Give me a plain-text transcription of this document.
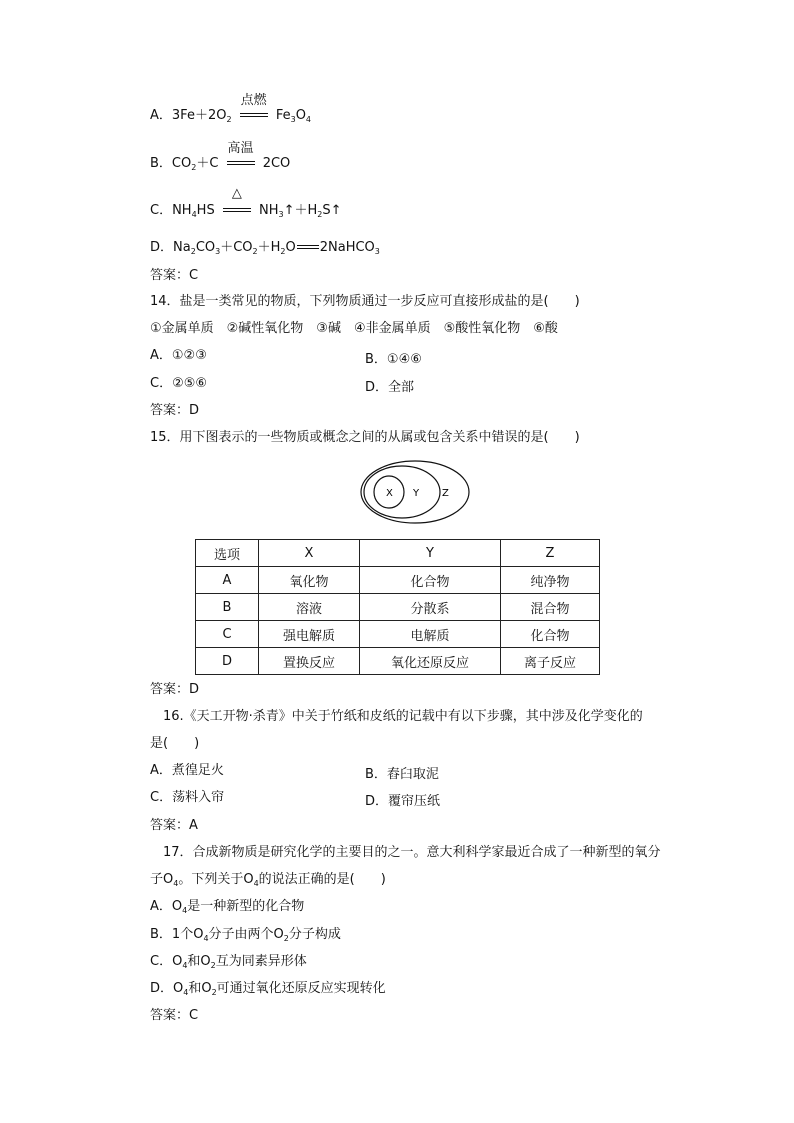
A．$3Fe+2O_2$
点燃
$Fe_3O_4$
B．$CO_2+C$
高温
2CO
C．$NH_4HS$
△
$NH_3↑+H_2S↑$
D．$Na_2CO_3+CO_2+H_2O$ 2NaHCO$_3$
答案：C
14．盐是一类常见的物质，下列物质通过一步反应可直接形成盐的是(　　)
①金属单质　②碱性氧化物　③碱　④非金属单质　⑤酸性氧化物　⑥酸
A．①②③	B．①④⑥
C．②⑤⑥	D．全部
答案：D
15．用下图表示的一些物质或概念之间的从属或包含关系中错误的是(　　)
X Y Z
选项	X	Y	Z
A	氧化物	化合物	纯净物
B	溶液	分散系	混合物
C	强电解质	电解质	化合物
D	置换反应	氧化还原反应	离子反应
答案：D
16.《天工开物·杀青》中关于竹纸和皮纸的记载中有以下步骤，其中涉及化学变化的
是(　　)
A．煮徨足火	B．舂臼取泥
C．荡料入帘	D．覆帘压纸
答案：A
17．合成新物质是研究化学的主要目的之一。意大利科学家最近合成了一种新型的氧分
子$O_4$。下列关于$O_4$的说法正确的是(　　)
A．$O_4$是一种新型的化合物
B．1个$O_4$分子由两个$O_2$分子构成
C．$O_4$和$O_2$互为同素异形体
D．$O_4$和$O_2$可通过氧化还原反应实现转化
答案：C
